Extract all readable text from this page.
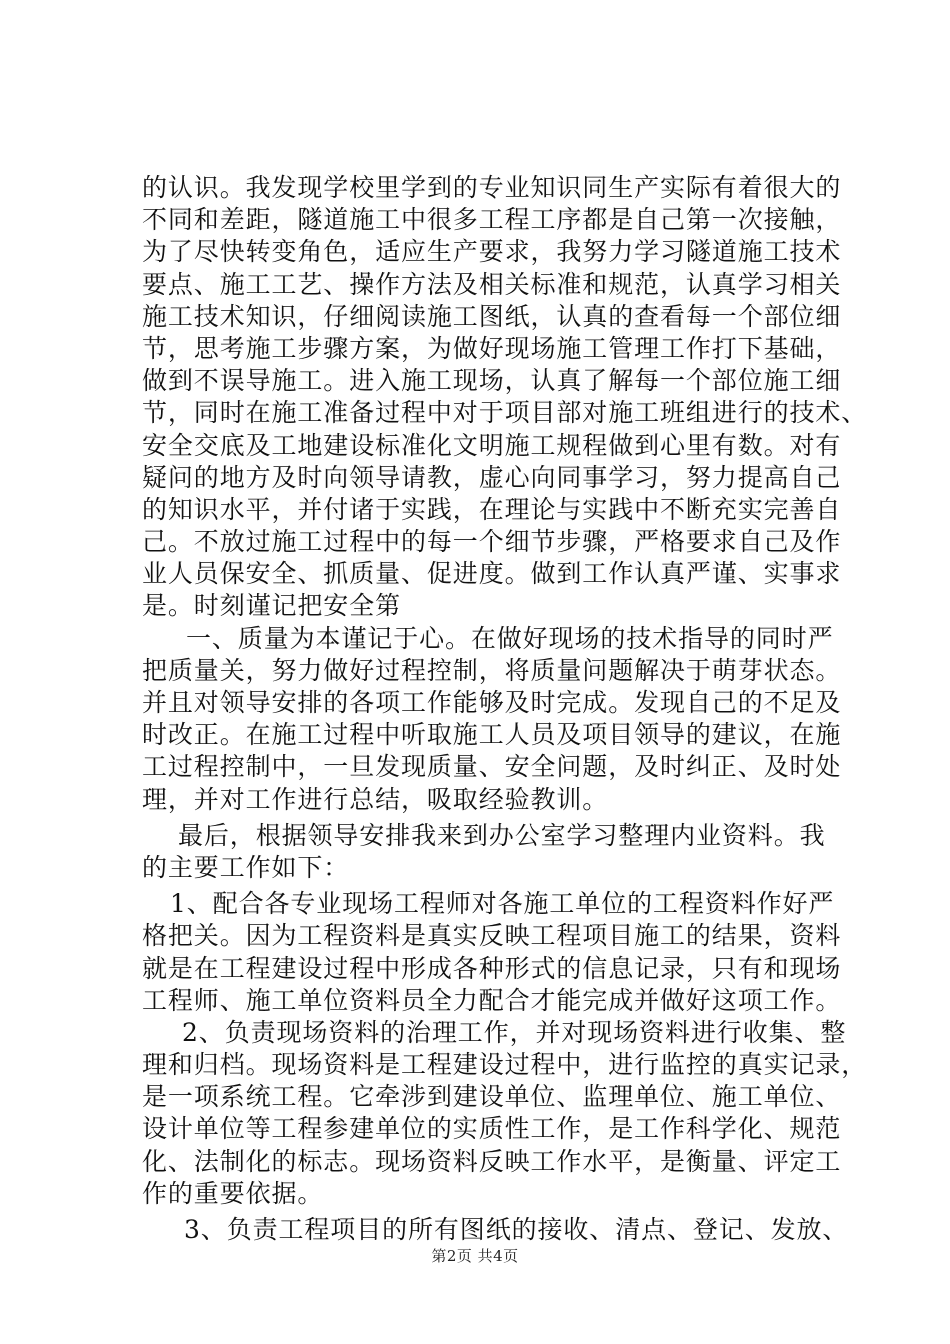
的认识。我发现学校里学到的专业知识同生产实际有着很大的
不同和差距，隧道施工中很多工程工序都是自己第一次接触，
为了尽快转变角色，适应生产要求，我努力学习隧道施工技术
要点、施工工艺、操作方法及相关标准和规范，认真学习相关
施工技术知识，仔细阅读施工图纸，认真的查看每一个部位细
节，思考施工步骤方案，为做好现场施工管理工作打下基础，
做到不误导施工。进入施工现场，认真了解每一个部位施工细
节，同时在施工准备过程中对于项目部对施工班组进行的技术、
安全交底及工地建设标准化文明施工规程做到心里有数。对有
疑问的地方及时向领导请教，虚心向同事学习，努力提高自己
的知识水平，并付诸于实践，在理论与实践中不断充实完善自
己。不放过施工过程中的每一个细节步骤，严格要求自己及作
业人员保安全、抓质量、促进度。做到工作认真严谨、实事求
是。时刻谨记把安全第
一、质量为本谨记于心。在做好现场的技术指导的同时严
把质量关，努力做好过程控制，将质量问题解决于萌芽状态。
并且对领导安排的各项工作能够及时完成。发现自己的不足及
时改正。在施工过程中听取施工人员及项目领导的建议，在施
工过程控制中，一旦发现质量、安全问题，及时纠正、及时处
理，并对工作进行总结，吸取经验教训。
最后，根据领导安排我来到办公室学习整理内业资料。我
的主要工作如下：
1、配合各专业现场工程师对各施工单位的工程资料作好严
格把关。因为工程资料是真实反映工程项目施工的结果，资料
就是在工程建设过程中形成各种形式的信息记录，只有和现场
工程师、施工单位资料员全力配合才能完成并做好这项工作。
2、负责现场资料的治理工作，并对现场资料进行收集、整
理和归档。现场资料是工程建设过程中，进行监控的真实记录，
是一项系统工程。它牵涉到建设单位、监理单位、施工单位、
设计单位等工程参建单位的实质性工作，是工作科学化、规范
化、法制化的标志。现场资料反映工作水平，是衡量、评定工
作的重要依据。
3、负责工程项目的所有图纸的接收、清点、登记、发放、
第2页 共4页
